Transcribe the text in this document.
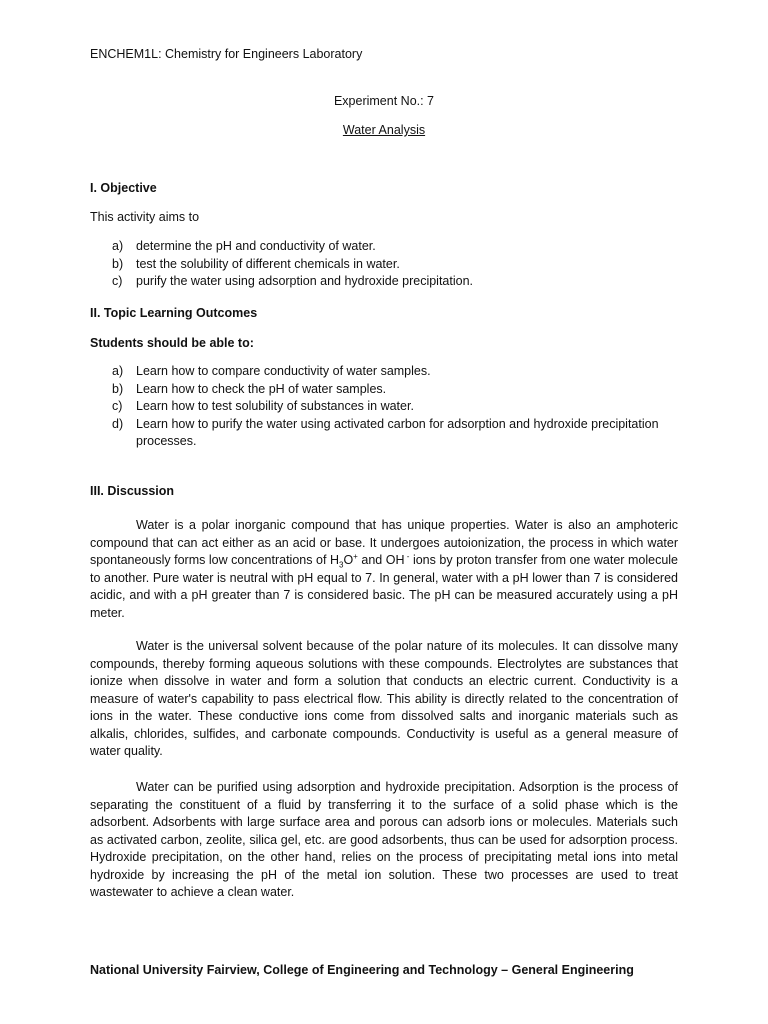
ENCHEM1L: Chemistry for Engineers Laboratory

Experiment No.: 7

Water Analysis

I. Objective

This activity aims to

a) determine the pH and conductivity of water.
b) test the solubility of different chemicals in water.
c) purify the water using adsorption and hydroxide precipitation.

II. Topic Learning Outcomes

Students should be able to:

a) Learn how to compare conductivity of water samples.
b) Learn how to check the pH of water samples.
c) Learn how to test solubility of substances in water.
d) Learn how to purify the water using activated carbon for adsorption and hydroxide precipitation processes.

III. Discussion

Water is a polar inorganic compound that has unique properties. Water is also an amphoteric compound that can act either as an acid or base. It undergoes autoionization, the process in which water spontaneously forms low concentrations of $H_3O^+$ and OH - ions by proton transfer from one water molecule to another. Pure water is neutral with pH equal to 7. In general, water with a pH lower than 7 is considered acidic, and with a pH greater than 7 is considered basic. The pH can be measured accurately using a pH meter.

Water is the universal solvent because of the polar nature of its molecules. It can dissolve many compounds, thereby forming aqueous solutions with these compounds. Electrolytes are substances that ionize when dissolve in water and form a solution that conducts an electric current. Conductivity is a measure of water's capability to pass electrical flow. This ability is directly related to the concentration of ions in the water. These conductive ions come from dissolved salts and inorganic materials such as alkalis, chlorides, sulfides, and carbonate compounds. Conductivity is useful as a general measure of water quality.

Water can be purified using adsorption and hydroxide precipitation. Adsorption is the process of separating the constituent of a fluid by transferring it to the surface of a solid phase which is the adsorbent. Adsorbents with large surface area and porous can adsorb ions or molecules. Materials such as activated carbon, zeolite, silica gel, etc. are good adsorbents, thus can be used for adsorption process. Hydroxide precipitation, on the other hand, relies on the process of precipitating metal ions into metal hydroxide by increasing the pH of the metal ion solution. These two processes are used to treat wastewater to achieve a clean water.

National University Fairview, College of Engineering and Technology – General Engineering
